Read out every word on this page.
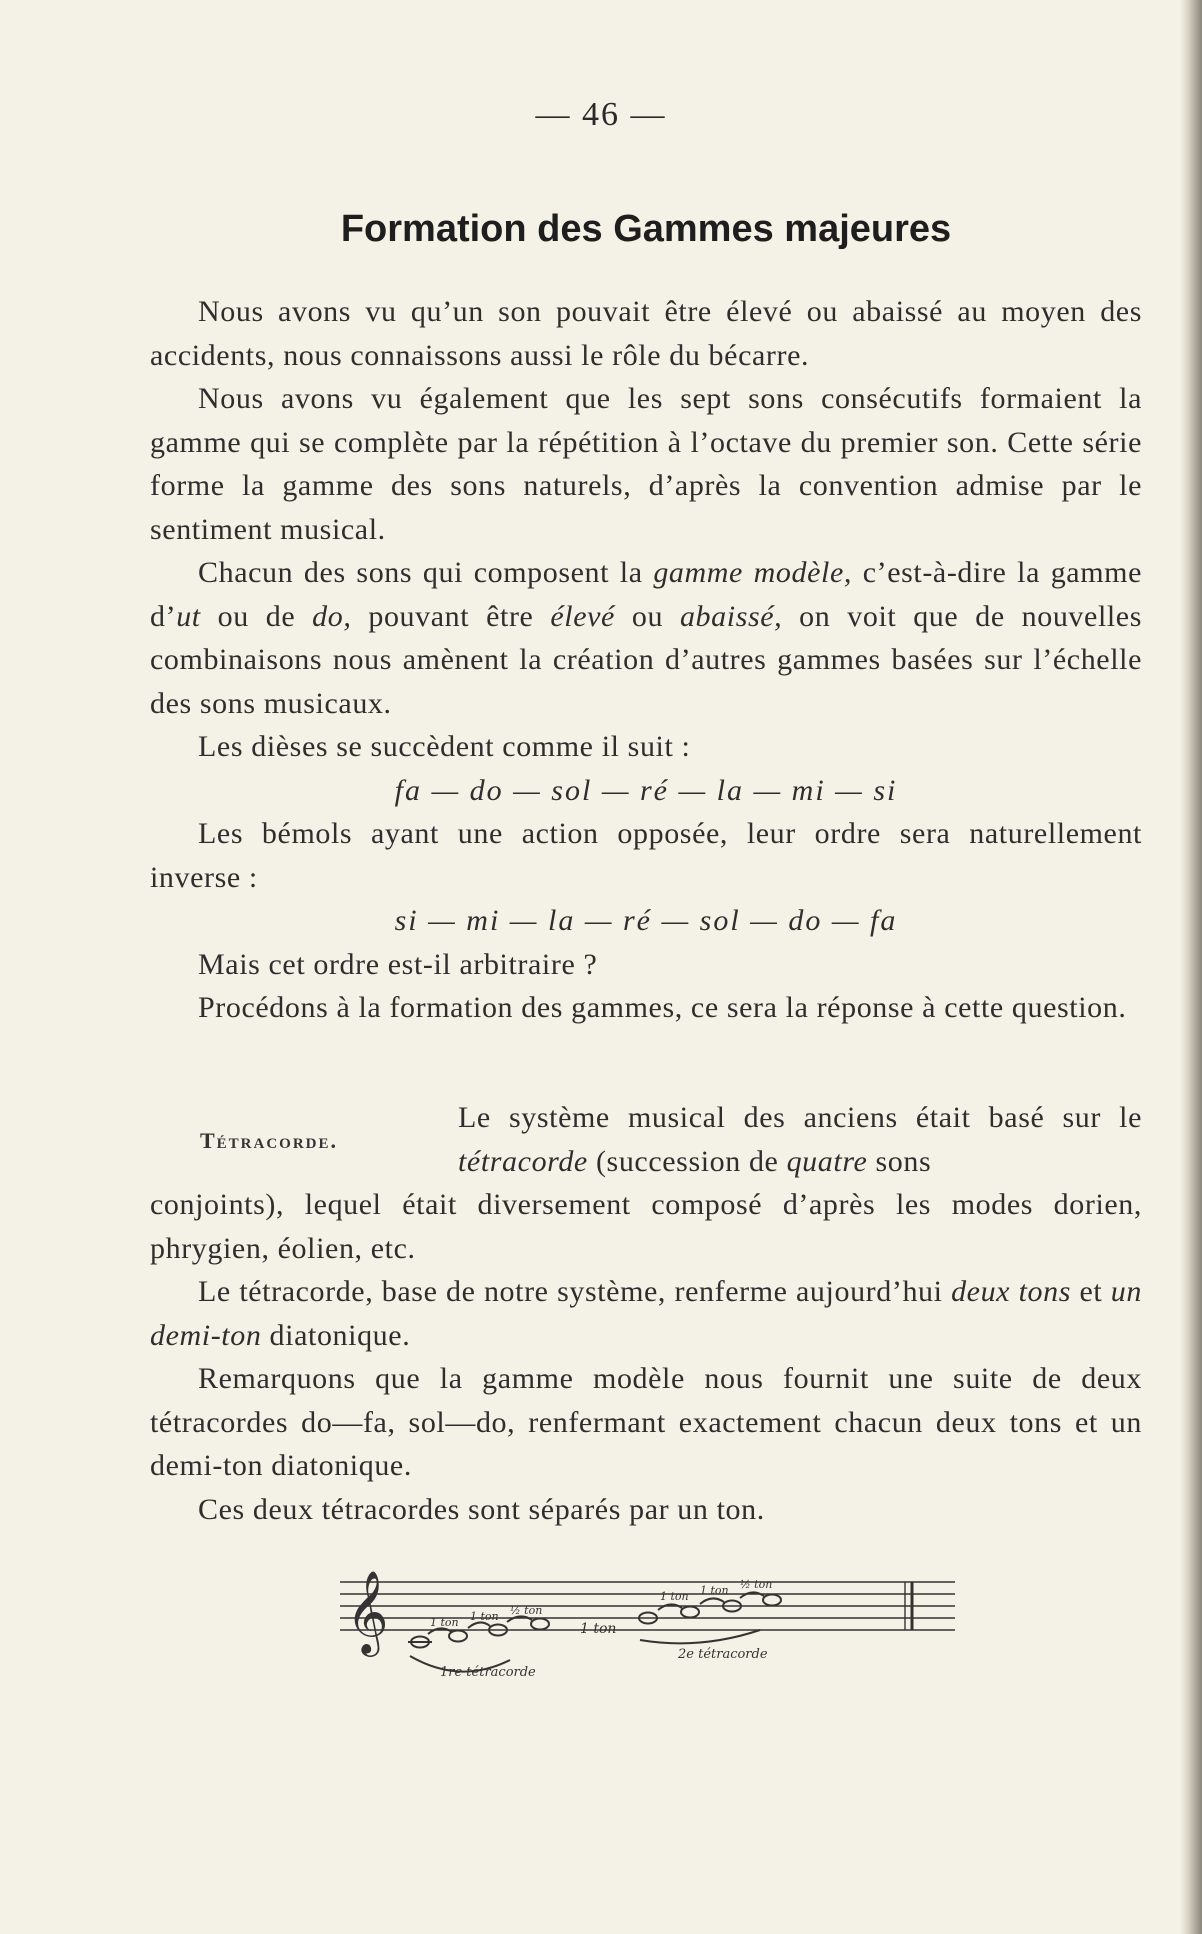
— 46 —
Formation des Gammes majeures

Nous avons vu qu’un son pouvait être élevé ou abaissé au moyen des accidents, nous connaissons aussi le rôle du bécarre.

Nous avons vu également que les sept sons consécutifs formaient la gamme qui se complète par la répétition à l’octave du premier son. Cette série forme la gamme des sons naturels, d’après la convention admise par le sentiment musical.

Chacun des sons qui composent la gamme modèle, c’est-à-dire la gamme d’ut ou de do, pouvant être élevé ou abaissé, on voit que de nouvelles combinaisons nous amènent la création d’autres gammes basées sur l’échelle des sons musicaux.

Les dièses se succèdent comme il suit :

fa — do — sol — ré — la — mi — si

Les bémols ayant une action opposée, leur ordre sera naturellement inverse :

si — mi — la — ré — sol — do — fa

Mais cet ordre est-il arbitraire ?

Procédons à la formation des gammes, ce sera la réponse à cette question.

Tétracorde.
Le système musical des anciens était basé sur le tétracorde (succession de quatre sons

conjoints), lequel était diversement composé d’après les modes dorien, phrygien, éolien, etc.

Le tétracorde, base de notre système, renferme aujourd’hui deux tons et un demi-ton diatonique.

Remarquons que la gamme modèle nous fournit une suite de deux tétracordes do—fa, sol—do, renfermant exactement chacun deux tons et un demi-ton diatonique.

Ces deux tétracordes sont séparés par un ton.

𝄞	1 ton 1 ton ½ ton
1 ton
1 ton 1 ton ½ ton
1re tétracorde
2e tétracorde
